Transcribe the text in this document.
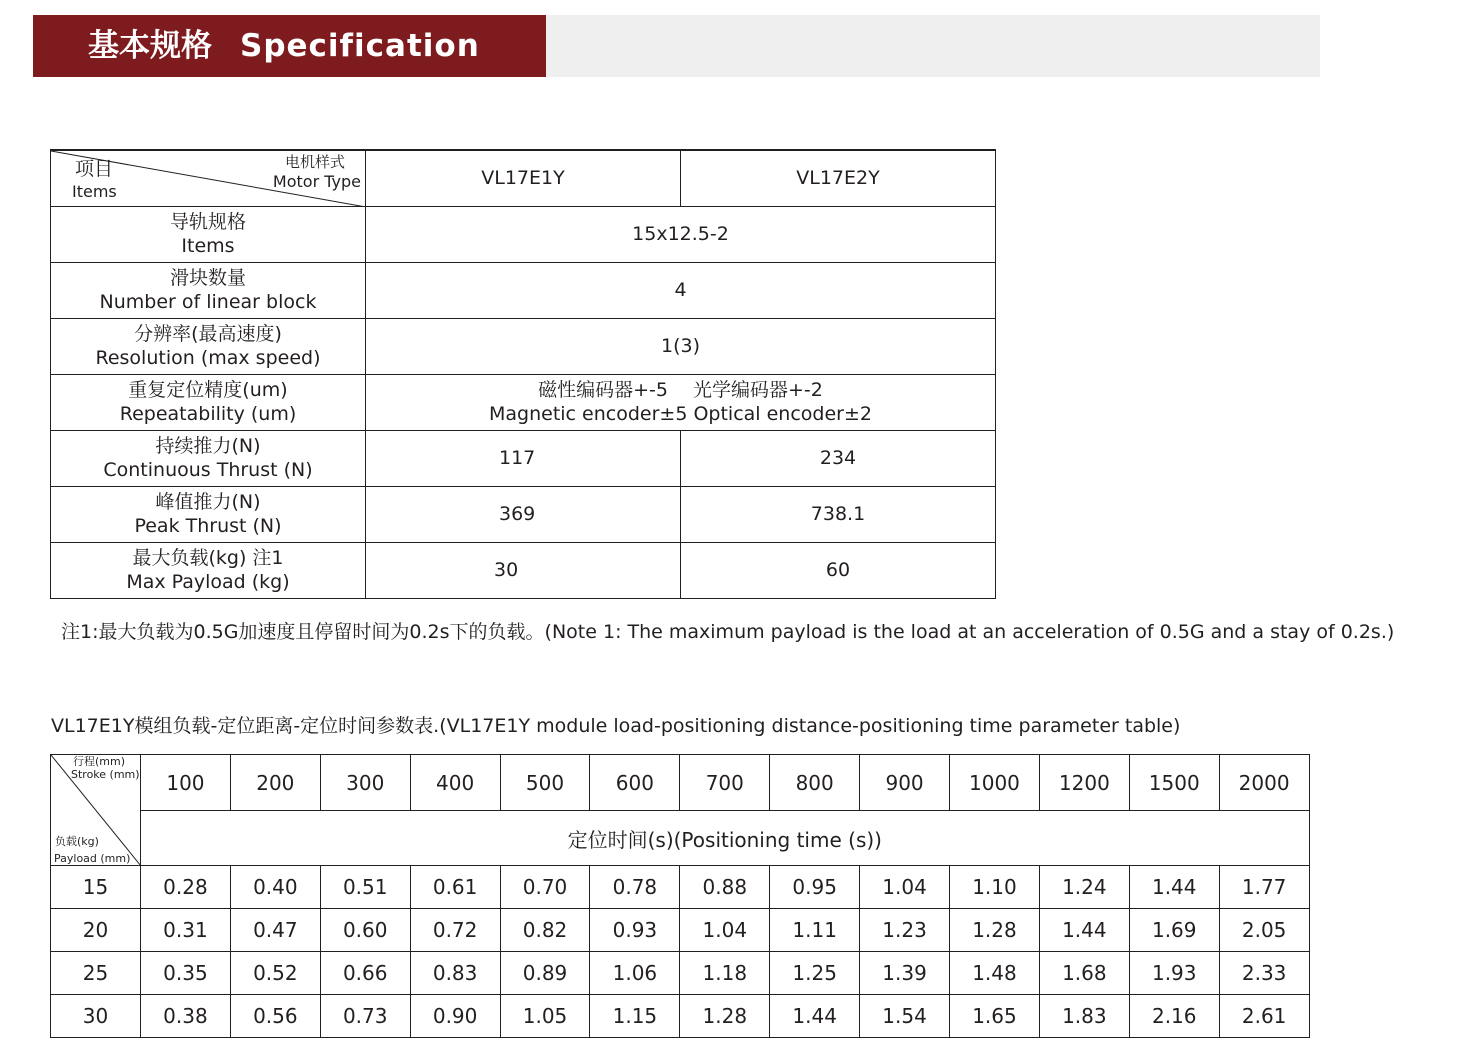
基本规格 Specification
项目
Items
电机样式
Motor Type	VL17E1Y	VL17E2Y

导轨规格
Items	15x12.5-2	

滑块数量
Number of linear block	4	

分辨率(最高速度)
Resolution (max speed)	1(3)	

重复定位精度(um)
Repeatability (um)	磁性编码器+-5　 光学编码器+-2
Magnetic encoder±5 Optical encoder±2	

持续推力(N)
Continuous Thrust (N)	117	234

峰值推力(N)
Peak Thrust (N)	369	738.1

最大负载(kg) 注1
Max Payload (kg)	30	60
注1:最大负载为0.5G加速度且停留时间为0.2s下的负载。(Note 1: The maximum payload is the load at an acceleration of 0.5G and a stay of 0.2s.)
VL17E1Y模组负载-定位距离-定位时间参数表.(VL17E1Y module load-positioning distance-positioning time parameter table)
行程(mm)
Stroke (mm)
负载(kg)
Payload (mm)	100	200	300	400	500	600	700	800	900	1000	1200	1500	2000
	定位时间(s)(Positioning time (s))												
15	0.28	0.40	0.51	0.61	0.70	0.78	0.88	0.95	1.04	1.10	1.24	1.44	1.77
20	0.31	0.47	0.60	0.72	0.82	0.93	1.04	1.11	1.23	1.28	1.44	1.69	2.05
25	0.35	0.52	0.66	0.83	0.89	1.06	1.18	1.25	1.39	1.48	1.68	1.93	2.33
30	0.38	0.56	0.73	0.90	1.05	1.15	1.28	1.44	1.54	1.65	1.83	2.16	2.61
